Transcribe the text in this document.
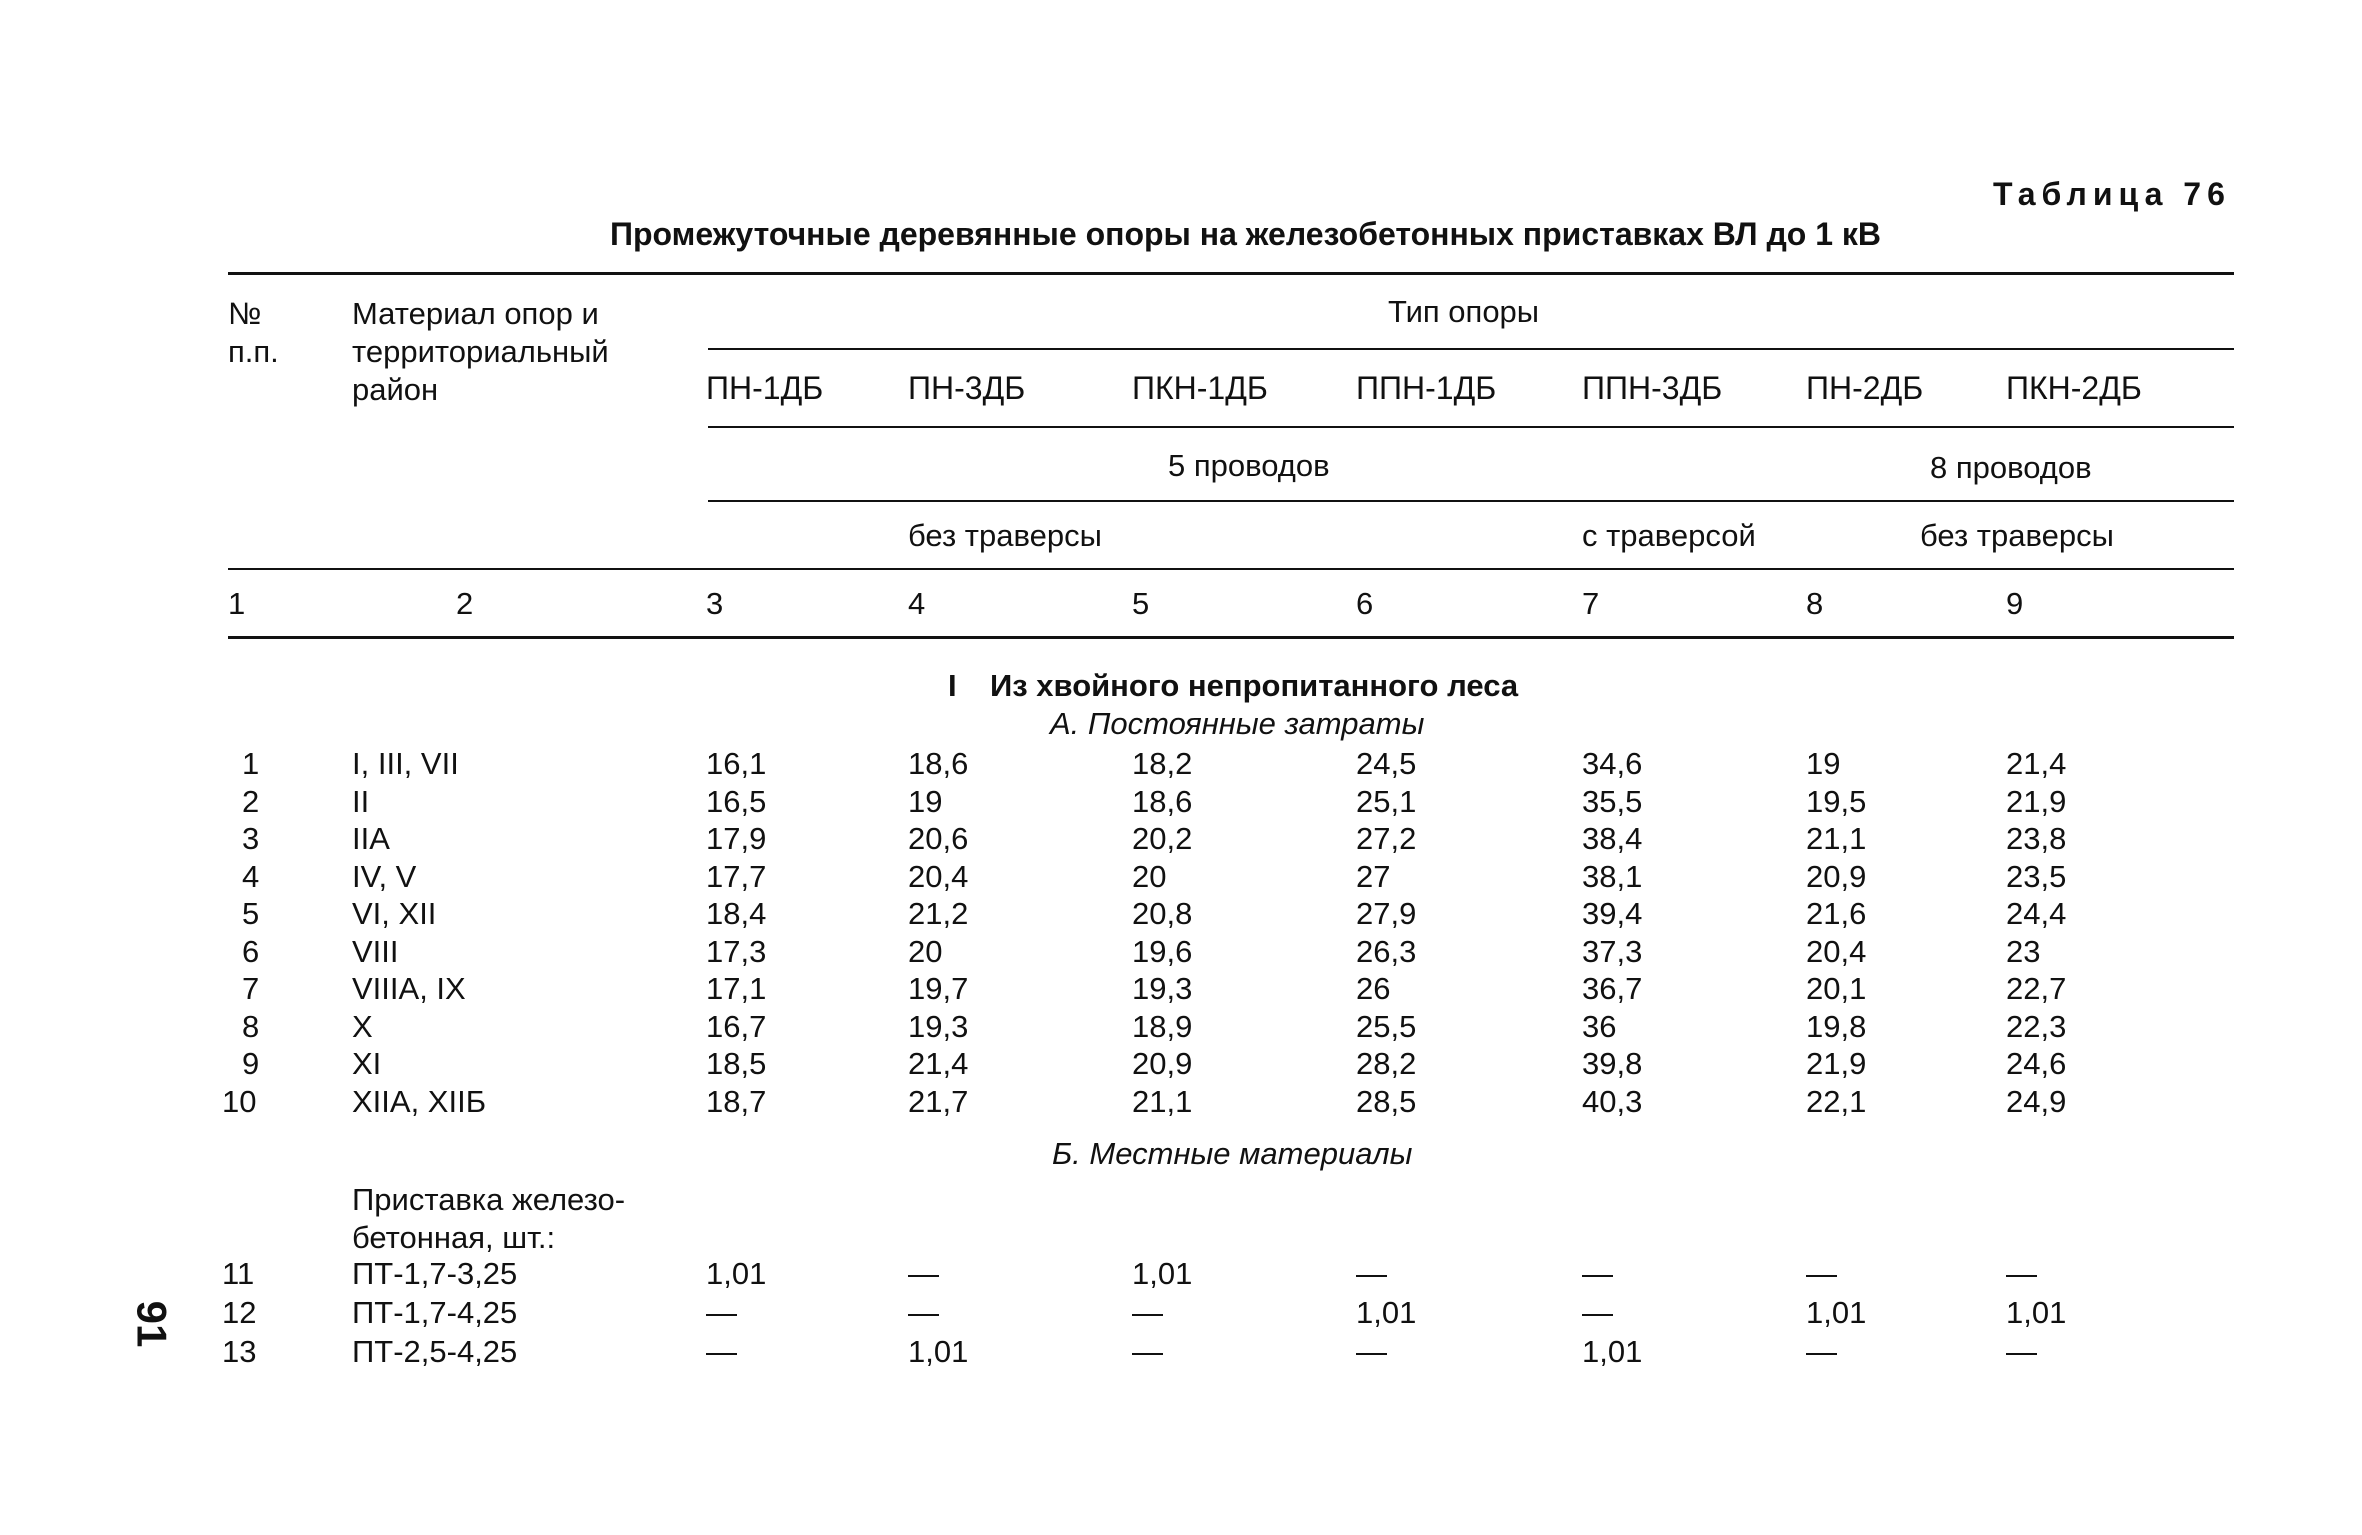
Таблица 76
Промежуточные деревянные опоры на железобетонных приставках ВЛ до 1 кВ
91
№
п.п.
Материал опор и
территориальный
район
Тип опоры
ПН-1ДБ	ПН-3ДБ	ПКН-1ДБ	ППН-1ДБ	ППН-3ДБ	ПН-2ДБ	ПКН-2ДБ
5 проводов	8 проводов
без траверсы	с траверсой	без траверсы
1	2	3	4	5	6	7	8	9
I Из хвойного непропитанного леса
А. Постоянные затраты
1	I, III, VII	16,1	18,6	18,2	24,5	34,6	19	21,4
2	II	16,5	19	18,6	25,1	35,5	19,5	21,9
3	IIA	17,9	20,6	20,2	27,2	38,4	21,1	23,8
4	IV, V	17,7	20,4	20	27	38,1	20,9	23,5
5	VI, XII	18,4	21,2	20,8	27,9	39,4	21,6	24,4
6	VIII	17,3	20	19,6	26,3	37,3	20,4	23
7	VIIIA, IX	17,1	19,7	19,3	26	36,7	20,1	22,7
8	X	16,7	19,3	18,9	25,5	36	19,8	22,3
9	XI	18,5	21,4	20,9	28,2	39,8	21,9	24,6
10	XIIA, XIIБ	18,7	21,7	21,1	28,5	40,3	22,1	24,9
Б. Местные материалы
Приставка железо-
бетонная, шт.:
11	ПТ-1,7-3,25	1,01	—	1,01	—	—	—	—
12	ПТ-1,7-4,25	—	—	—	1,01	—	1,01	1,01
13	ПТ-2,5-4,25	—	1,01	—	—	1,01	—	—
